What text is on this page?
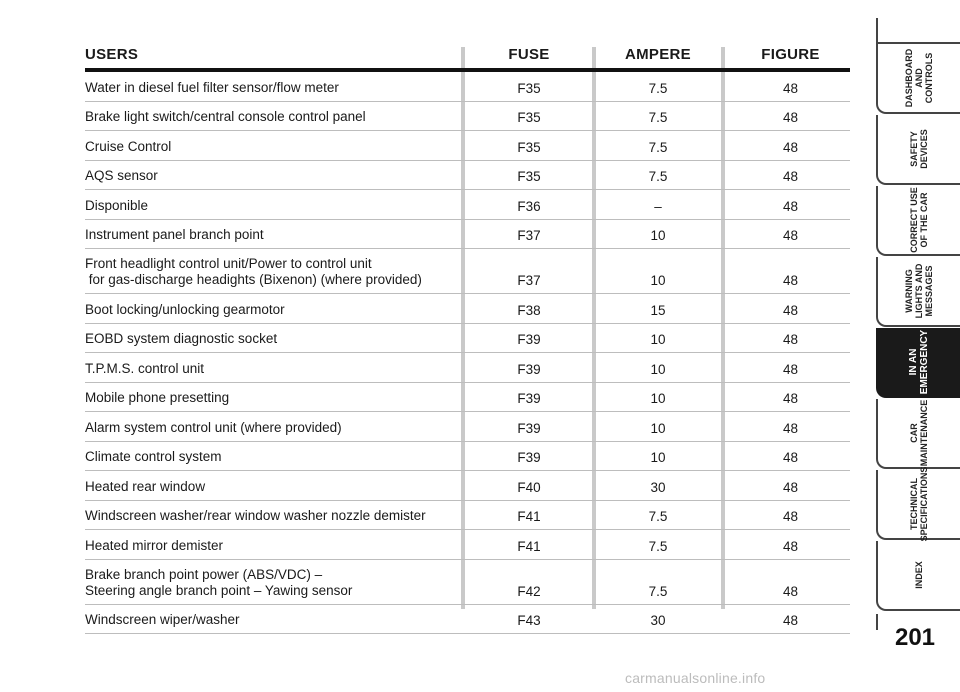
USERS	FUSE	AMPERE	FIGURE
Water in diesel fuel filter sensor/flow meter	F35	7.5	48
Brake light switch/central console control panel	F35	7.5	48
Cruise Control	F35	7.5	48
AQS sensor	F35	7.5	48
Disponible	F36	–	48
Instrument panel branch point	F37	10	48
Front headlight control unit/Power to control unit
for gas-discharge headights (Bixenon) (where provided)	F37	10	48
Boot locking/unlocking gearmotor	F38	15	48
EOBD system diagnostic socket	F39	10	48
T.P.M.S. control unit	F39	10	48
Mobile phone presetting	F39	10	48
Alarm system control unit (where provided)	F39	10	48
Climate control system	F39	10	48
Heated rear window	F40	30	48
Windscreen washer/rear window washer nozzle demister	F41	7.5	48
Heated mirror demister	F41	7.5	48
Brake branch point power (ABS/VDC) –
Steering angle branch point – Yawing sensor	F42	7.5	48
Windscreen wiper/washer	F43	30	48
201
carmanualsonline.info
DASHBOARD
AND
CONTROLS
SAFETY
DEVICES
CORRECT USE
OF THE CAR
WARNING
LIGHTS AND
MESSAGES
IN AN
EMERGENCY
CAR
MAINTENANCE
TECHNICAL
SPECIFICATIONS
INDEX
